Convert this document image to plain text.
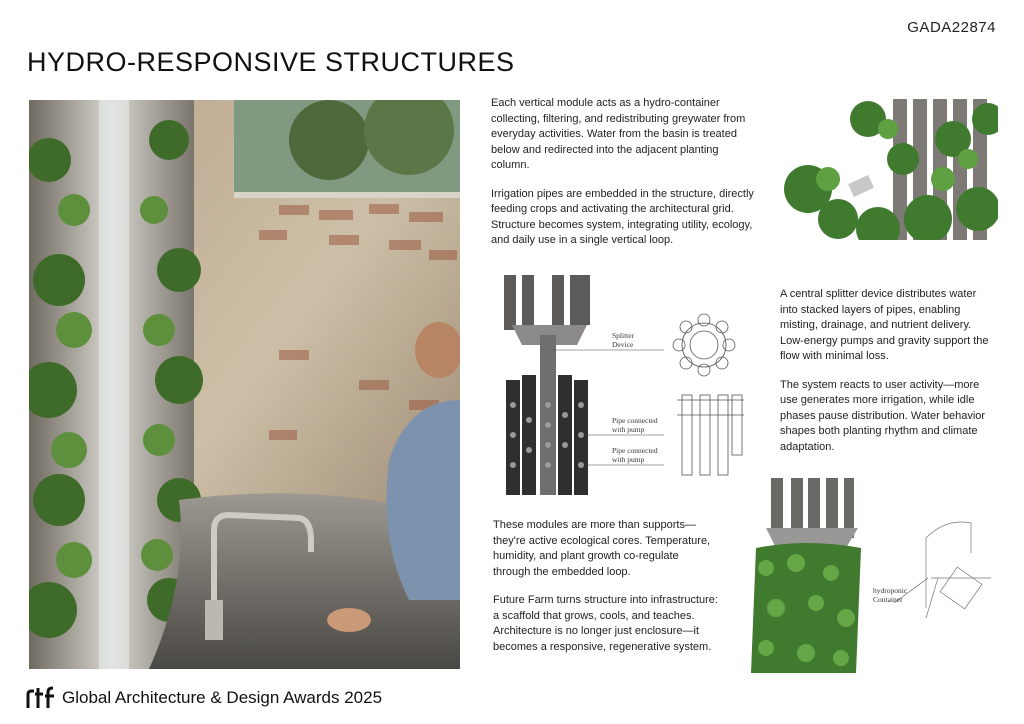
GADA22874
HYDRO-RESPONSIVE STRUCTURES

Each vertical module acts as a hydro-container collecting, filtering, and redistributing greywater from everyday activities. Water from the basin is treated below and redirected into the adjacent planting column.

Irrigation pipes are embedded in the structure, directly feeding crops and activating the architectural grid. Structure becomes system, integrating utility, ecology, and daily use in a single vertical loop.

A central splitter device distributes water into stacked layers of pipes, enabling misting, drainage, and nutrient delivery. Low-energy pumps and gravity support the flow with minimal loss.

The system reacts to user activity—more use generates more irrigation, while idle phases pause distribution. Water behavior shapes both planting rhythm and climate adaptation.

These modules are more than supports—they're active ecological cores. Temperature, humidity, and plant growth co-regulate through the embedded loop.

Future Farm turns structure into infrastructure: a scaffold that grows, cools, and teaches. Architecture is no longer just enclosure—it becomes a responsive, regenerative system.

Splitter
Device
Pipe connected
with pump
Pipe connected
with pump
hydroponic
Container
Global Architecture & Design Awards 2025
